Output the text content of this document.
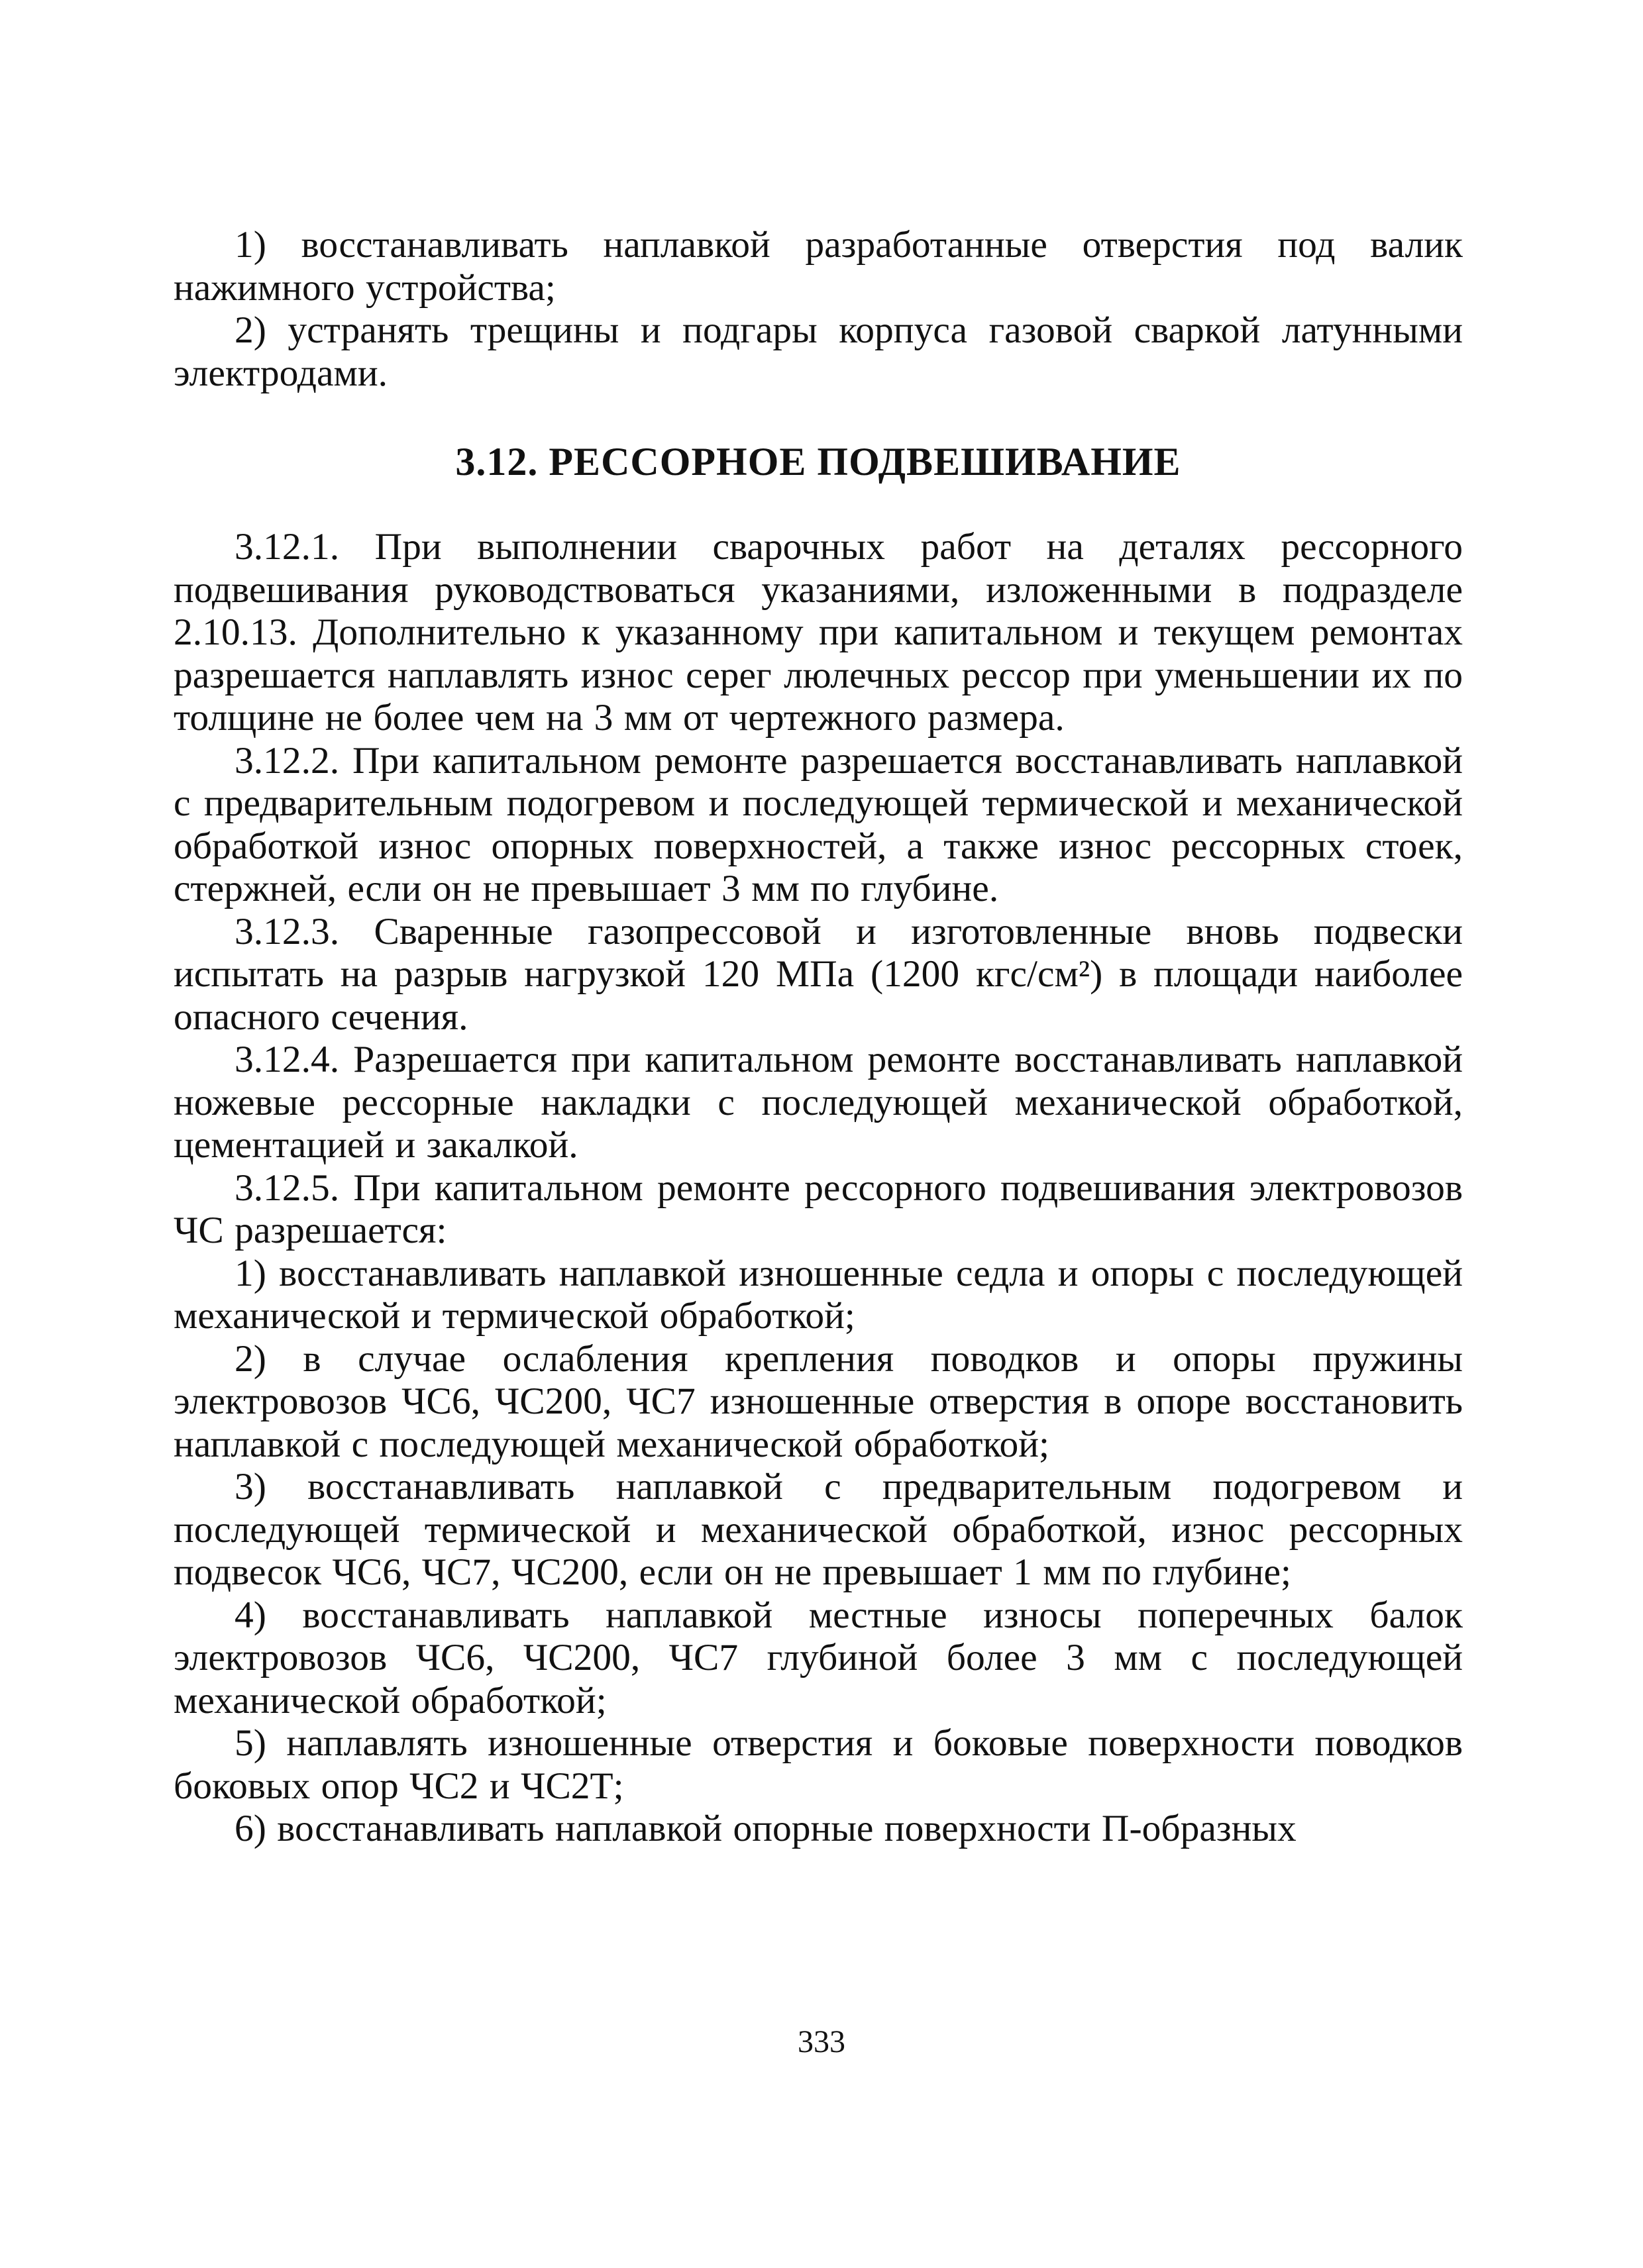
1) восстанавливать наплавкой разработанные отверстия под валик нажимного устройства;

2) устранять трещины и подгары корпуса газовой сваркой латунными электродами.

3.12. РЕССОРНОЕ ПОДВЕШИВАНИЕ

3.12.1. При выполнении сварочных работ на деталях рессорного подвешивания руководствоваться указаниями, изложенными в подразделе 2.10.13. Дополнительно к указанному при капитальном и текущем ремонтах разрешается наплавлять износ серег люлечных рессор при уменьшении их по толщине не более чем на 3 мм от чертежного размера.

3.12.2. При капитальном ремонте разрешается восстанавливать наплавкой с предварительным подогревом и последующей термической и механической обработкой износ опорных поверхностей, а также износ рессорных стоек, стержней, если он не превышает 3 мм по глубине.

3.12.3. Сваренные газопрессовой и изготовленные вновь подвески испытать на разрыв нагрузкой 120 МПа (1200 кгс/см²) в площади наиболее опасного сечения.

3.12.4. Разрешается при капитальном ремонте восстанавливать наплавкой ножевые рессорные накладки с последующей механической обработкой, цементацией и закалкой.

3.12.5. При капитальном ремонте рессорного подвешивания электровозов ЧС разрешается:

1) восстанавливать наплавкой изношенные седла и опоры с последующей механической и термической обработкой;

2) в случае ослабления крепления поводков и опоры пружины электровозов ЧС6, ЧС200, ЧС7 изношенные отверстия в опоре восстановить наплавкой с последующей механической обработкой;

3) восстанавливать наплавкой с предварительным подогревом и последующей термической и механической обработкой, износ рессорных подвесок ЧС6, ЧС7, ЧС200, если он не превышает 1 мм по глубине;

4) восстанавливать наплавкой местные износы поперечных балок электровозов ЧС6, ЧС200, ЧС7 глубиной более 3 мм с последующей механической обработкой;

5) наплавлять изношенные отверстия и боковые поверхности поводков боковых опор ЧС2 и ЧС2Т;

6) восстанавливать наплавкой опорные поверхности П-образных

333
